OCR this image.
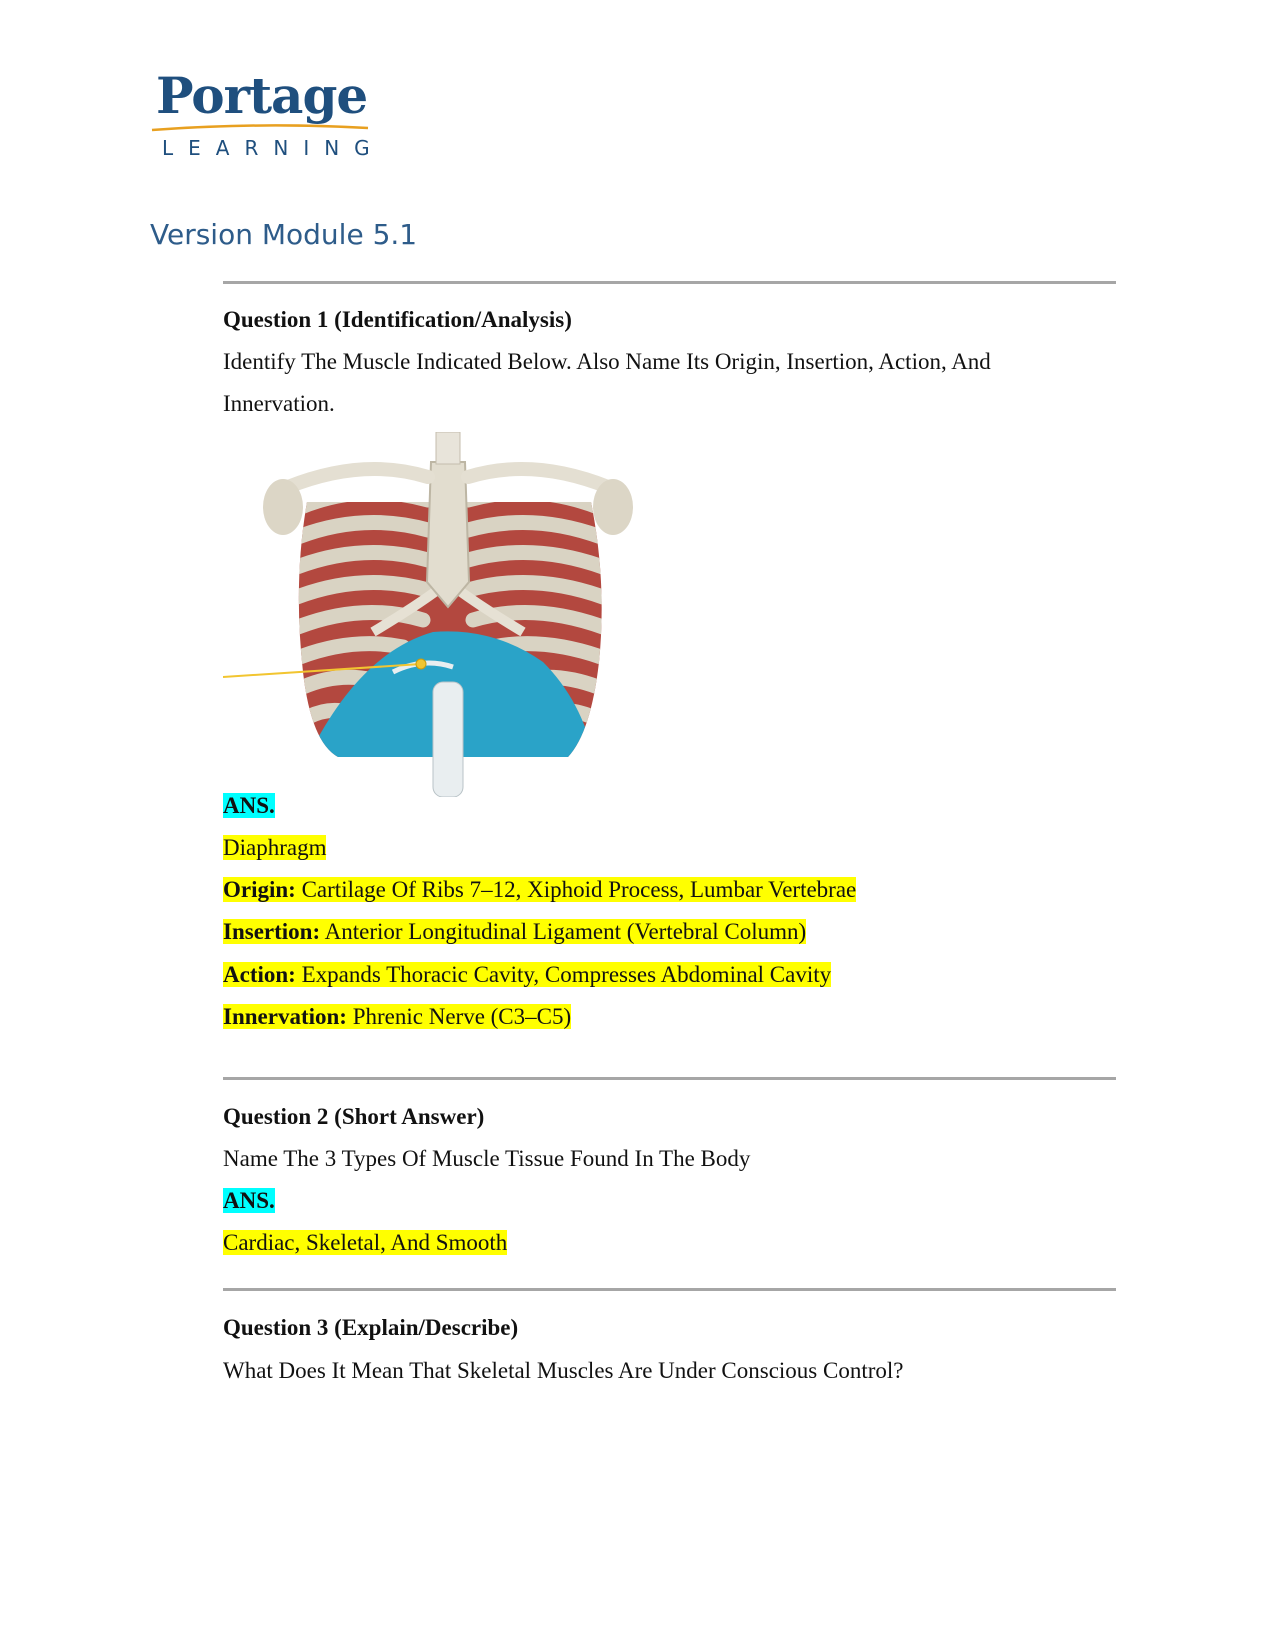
Portage
LEARNING
Version Module 5.1
Question 1 (Identification/Analysis)
Identify The Muscle Indicated Below. Also Name Its Origin, Insertion, Action, And
Innervation.
ANS.
Diaphragm
Origin: Cartilage Of Ribs 7–12, Xiphoid Process, Lumbar Vertebrae
Insertion: Anterior Longitudinal Ligament (Vertebral Column)
Action: Expands Thoracic Cavity, Compresses Abdominal Cavity
Innervation: Phrenic Nerve (C3–C5)
Question 2 (Short Answer)
Name The 3 Types Of Muscle Tissue Found In The Body
ANS.
Cardiac, Skeletal, And Smooth
Question 3 (Explain/Describe)
What Does It Mean That Skeletal Muscles Are Under Conscious Control?
